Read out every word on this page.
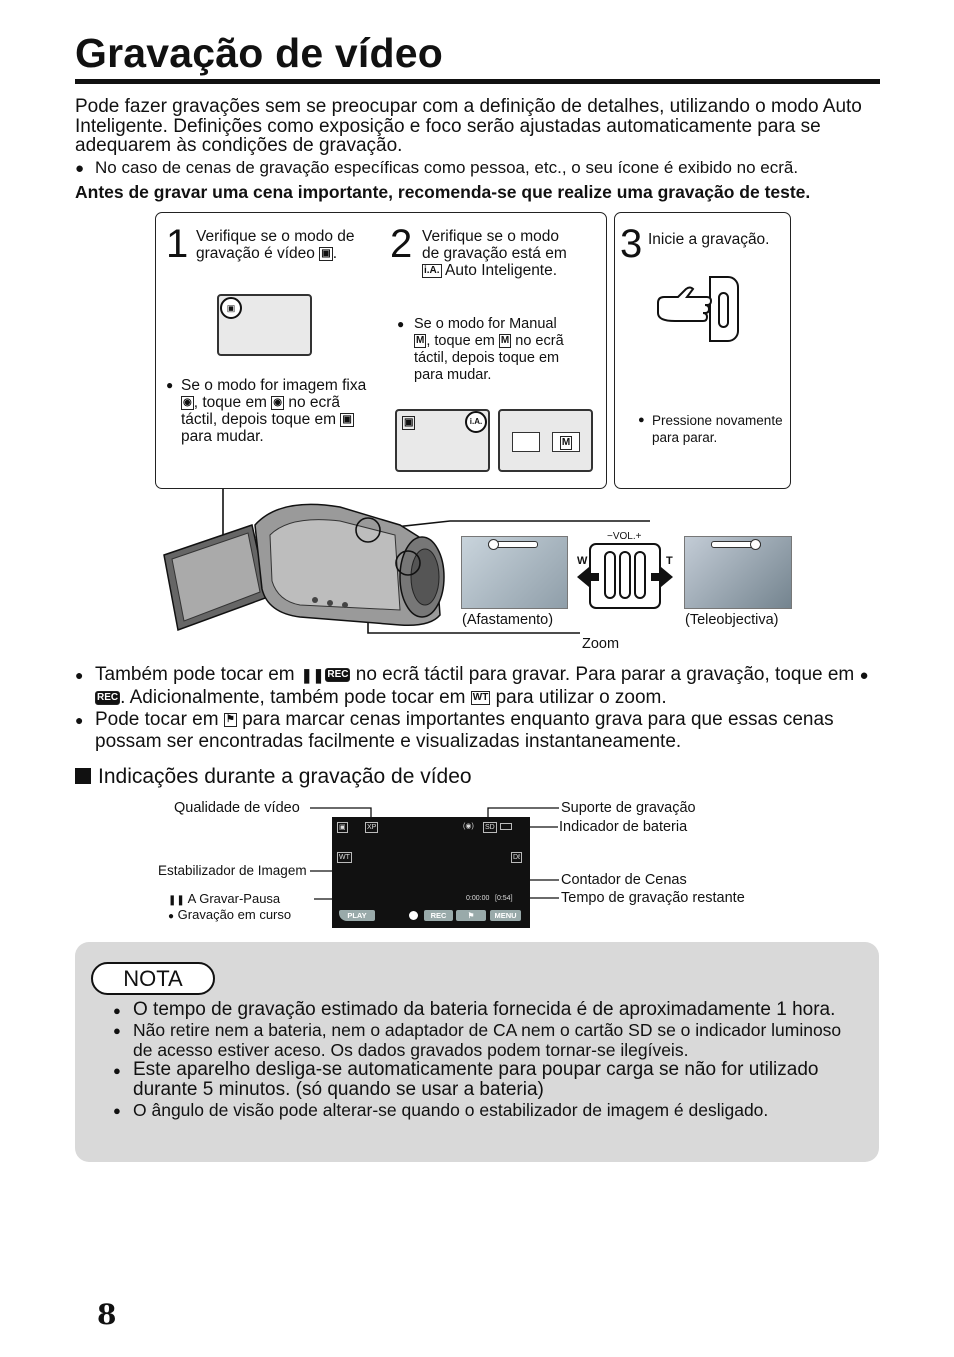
Gravação de vídeo
Pode fazer gravações sem se preocupar com a definição de detalhes, utilizando o modo Auto Inteligente. Definições como exposição e foco serão ajustadas automaticamente para se adequarem às condições de gravação.
● No caso de cenas de gravação específicas como pessoa, etc., o seu ícone é exibido no ecrã.
Antes de gravar uma cena importante, recomenda-se que realize uma gravação de teste.
1 Verifique se o modo de
gravação é vídeo ▣ .
▣
● Se o modo for imagem fixa
◉ , toque em ◉ no ecrã
táctil, depois toque em ▣
para mudar.
2 Verifique se o modo
de gravação está em
i.A. Auto Inteligente.
● Se o modo for Manual
M , toque em M no ecrã
táctil, depois toque em
para mudar.
▣	i.A.
M
3 Inicie a gravação.
● Pressione novamente
para parar.
−VOL.+
W	T
(Afastamento)	(Teleobjectiva)
Zoom
● Também pode tocar em ❚❚ REC no ecrã táctil para gravar. Para parar a gravação, toque em ●REC . Adicionalmente, também pode tocar em WT para utilizar o zoom.
● Pode tocar em ⚑ para marcar cenas importantes enquanto grava para que essas cenas possam ser encontradas facilmente e visualizadas instantaneamente.
Indicações durante a gravação de vídeo
Qualidade de vídeo
Estabilizador de Imagem
❚❚ A Gravar-Pausa
● Gravação em curso
Suporte de gravação
Indicador de bateria
Contador de Cenas
Tempo de gravação restante
▣	XP	(◉) SD
WT	Dℓ
0:00:00 [0:54]
PLAY	REC	⚑	MENU
NOTA
● O tempo de gravação estimado da bateria fornecida é de aproximadamente 1 hora.
● Não retire nem a bateria, nem o adaptador de CA nem o cartão SD se o indicador luminoso de acesso estiver aceso. Os dados gravados podem tornar-se ilegíveis.
● Este aparelho desliga-se automaticamente para poupar carga se não for utilizado durante 5 minutos. (só quando se usar a bateria)
● O ângulo de visão pode alterar-se quando o estabilizador de imagem é desligado.
8
